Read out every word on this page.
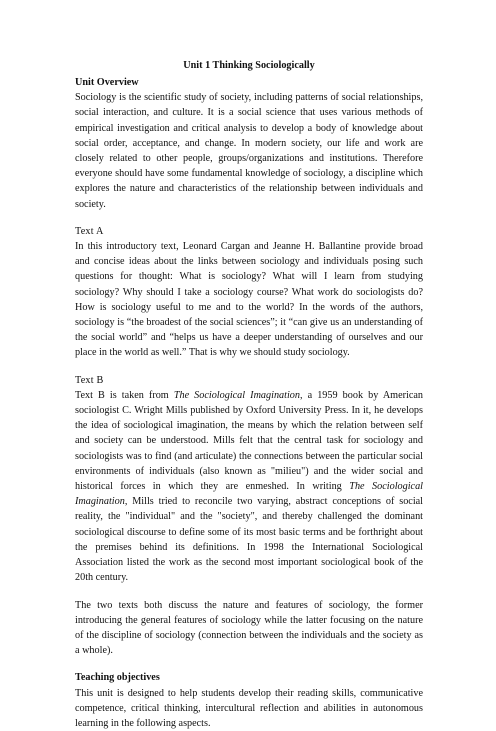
Unit 1 Thinking Sociologically
Unit Overview

Sociology is the scientific study of society, including patterns of social relationships, social interaction, and culture. It is a social science that uses various methods of empirical investigation and critical analysis to develop a body of knowledge about social order, acceptance, and change. In modern society, our life and work are closely related to other people, groups/organizations and institutions. Therefore everyone should have some fundamental knowledge of sociology, a discipline which explores the nature and characteristics of the relationship between individuals and society.

Text A

In this introductory text, Leonard Cargan and Jeanne H. Ballantine provide broad and concise ideas about the links between sociology and individuals posing such questions for thought: What is sociology? What will I learn from studying sociology? Why should I take a sociology course? What work do sociologists do? How is sociology useful to me and to the world? In the words of the authors, sociology is “the broadest of the social sciences”; it “can give us an understanding of the social world” and “helps us have a deeper understanding of ourselves and our place in the world as well.” That is why we should study sociology.

Text B

Text B is taken from The Sociological Imagination, a 1959 book by American sociologist C. Wright Mills published by Oxford University Press. In it, he develops the idea of sociological imagination, the means by which the relation between self and society can be understood. Mills felt that the central task for sociology and sociologists was to find (and articulate) the connections between the particular social environments of individuals (also known as "milieu") and the wider social and historical forces in which they are enmeshed. In writing The Sociological Imagination, Mills tried to reconcile two varying, abstract conceptions of social reality, the "individual" and the "society", and thereby challenged the dominant sociological discourse to define some of its most basic terms and be forthright about the premises behind its definitions. In 1998 the International Sociological Association listed the work as the second most important sociological book of the 20th century.

The two texts both discuss the nature and features of sociology, the former introducing the general features of sociology while the latter focusing on the nature of the discipline of sociology (connection between the individuals and the society as a whole).

Teaching objectives

This unit is designed to help students develop their reading skills, communicative competence, critical thinking, intercultural reflection and abilities in autonomous learning in the following aspects.
